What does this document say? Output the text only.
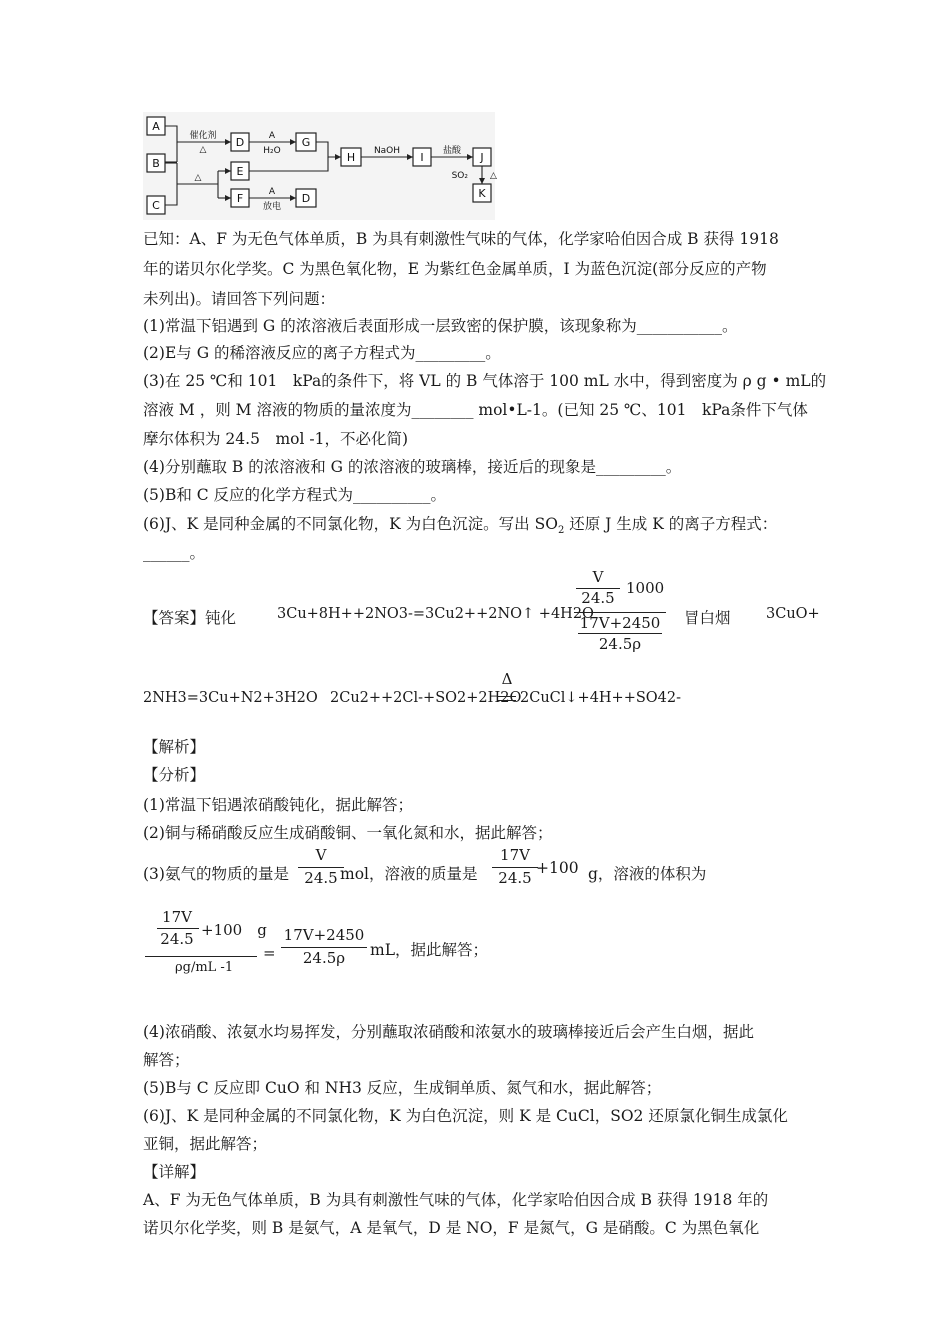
A
B
C
D	G
E
F	D
H	I	J
K
催化剂
△
A
H₂O
△
A
放电
NaOH	盐酸
SO₂ △
已知：A、F 为无色气体单质，B 为具有刺激性气味的气体，化学家哈伯因合成 B 获得 1918
年的诺贝尔化学奖。C 为黑色氧化物，E 为紫红色金属单质，I 为蓝色沉淀(部分反应的产物
未列出)。请回答下列问题：
(1)常温下铝遇到 G 的浓溶液后表面形成一层致密的保护膜，该现象称为___________。
(2)E与 G 的稀溶液反应的离子方程式为_________。
(3)在 25 ℃和 101　kPa的条件下，将 VL 的 B 气体溶于 100 mL 水中，得到密度为 ρ g • mL的
溶液 M ，则 M 溶液的物质的量浓度为________ mol•L-1。(已知 25 ℃、101　kPa条件下气体
摩尔体积为 24.5　mol -1，不必化简)
(4)分别蘸取 B 的浓溶液和 G 的浓溶液的玻璃棒，接近后的现象是_________。
(5)B和 C 反应的化学方程式为__________。
(6)J、K 是同种金属的不同氯化物，K 为白色沉淀。写出 $SO_2$ 还原 J 生成 K 的离子方程式：
______。
【答案】钝化	3Cu+8H++2NO3-=3Cu2++2NO↑ +4H2O
V
24.5
1000
17V+2450
24.5ρ
冒白烟 3CuO+
2NH3=3Cu+N2+3H2O 2Cu2++2Cl-+SO2+2H2O
Δ
2CuCl↓+4H++SO42-
【解析】
【分析】
(1)常温下铝遇浓硝酸钝化，据此解答；
(2)铜与稀硝酸反应生成硝酸铜、一氧化氮和水，据此解答；
(3)氨气的物质的量是
V
24.5 mol，溶液的质量是
17V
24.5
+100 g，溶液的体积为
17V
24.5 +100　g
ρg/mL -1
=
17V+2450
24.5ρ	mL，据此解答；
(4)浓硝酸、浓氨水均易挥发，分别蘸取浓硝酸和浓氨水的玻璃棒接近后会产生白烟，据此
解答；
(5)B与 C 反应即 CuO 和 NH3 反应，生成铜单质、氮气和水，据此解答；
(6)J、K 是同种金属的不同氯化物，K 为白色沉淀，则 K 是 CuCl，SO2 还原氯化铜生成氯化
亚铜，据此解答；
【详解】
A、F 为无色气体单质，B 为具有刺激性气味的气体，化学家哈伯因合成 B 获得 1918 年的
诺贝尔化学奖，则 B 是氨气，A 是氧气，D 是 NO，F 是氮气，G 是硝酸。C 为黑色氧化
